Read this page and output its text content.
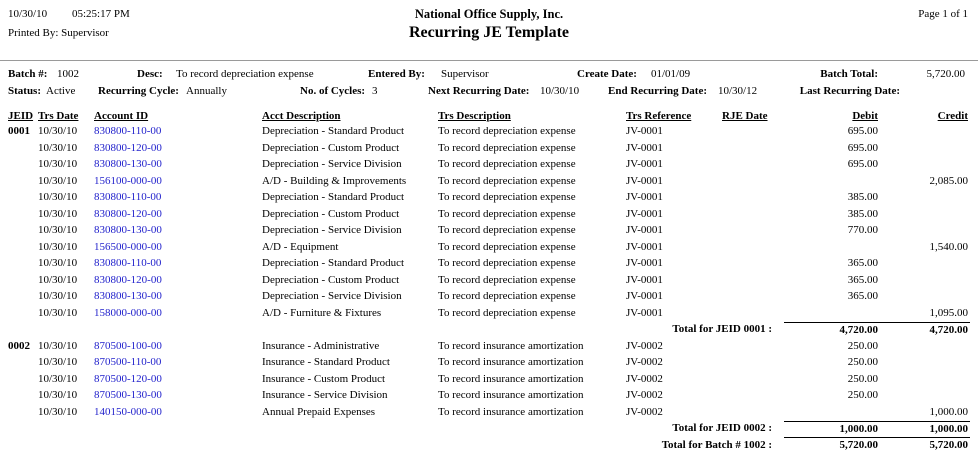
10/30/10 05:25:17 PM	National Office Supply, Inc.	Page 1 of 1
Printed By: Supervisor	Recurring JE Template
Batch #: 1002	Desc: To record depreciation expense	Entered By: Supervisor	Create Date: 01/01/09	Batch Total:	5,720.00
Status: Active Recurring Cycle: Annually	No. of Cycles: 3	Next Recurring Date: 10/30/10	End Recurring Date: 10/30/12	Last Recurring Date:
JEID	Trs Date	Account ID	Acct Description	Trs Description	Trs Reference	RJE Date	Debit	Credit
0001	10/30/10	830800-110-00	Depreciation - Standard Product	To record depreciation expense	JV-0001		695.00	
	10/30/10	830800-120-00	Depreciation - Custom Product	To record depreciation expense	JV-0001		695.00	
	10/30/10	830800-130-00	Depreciation - Service Division	To record depreciation expense	JV-0001		695.00	
	10/30/10	156100-000-00	A/D - Building & Improvements	To record depreciation expense	JV-0001			2,085.00
	10/30/10	830800-110-00	Depreciation - Standard Product	To record depreciation expense	JV-0001		385.00	
	10/30/10	830800-120-00	Depreciation - Custom Product	To record depreciation expense	JV-0001		385.00	
	10/30/10	830800-130-00	Depreciation - Service Division	To record depreciation expense	JV-0001		770.00	
	10/30/10	156500-000-00	A/D - Equipment	To record depreciation expense	JV-0001			1,540.00
	10/30/10	830800-110-00	Depreciation - Standard Product	To record depreciation expense	JV-0001		365.00	
	10/30/10	830800-120-00	Depreciation - Custom Product	To record depreciation expense	JV-0001		365.00	
	10/30/10	830800-130-00	Depreciation - Service Division	To record depreciation expense	JV-0001		365.00	
	10/30/10	158000-000-00	A/D - Furniture & Fixtures	To record depreciation expense	JV-0001			1,095.00
Total for JEID 0001 :							4,720.00	4,720.00
0002	10/30/10	870500-100-00	Insurance - Administrative	To record insurance amortization	JV-0002		250.00	
	10/30/10	870500-110-00	Insurance - Standard Product	To record insurance amortization	JV-0002		250.00	
	10/30/10	870500-120-00	Insurance - Custom Product	To record insurance amortization	JV-0002		250.00	
	10/30/10	870500-130-00	Insurance - Service Division	To record insurance amortization	JV-0002		250.00	
	10/30/10	140150-000-00	Annual Prepaid Expenses	To record insurance amortization	JV-0002			1,000.00
Total for JEID 0002 :							1,000.00	1,000.00
Total for Batch # 1002 :							5,720.00	5,720.00
